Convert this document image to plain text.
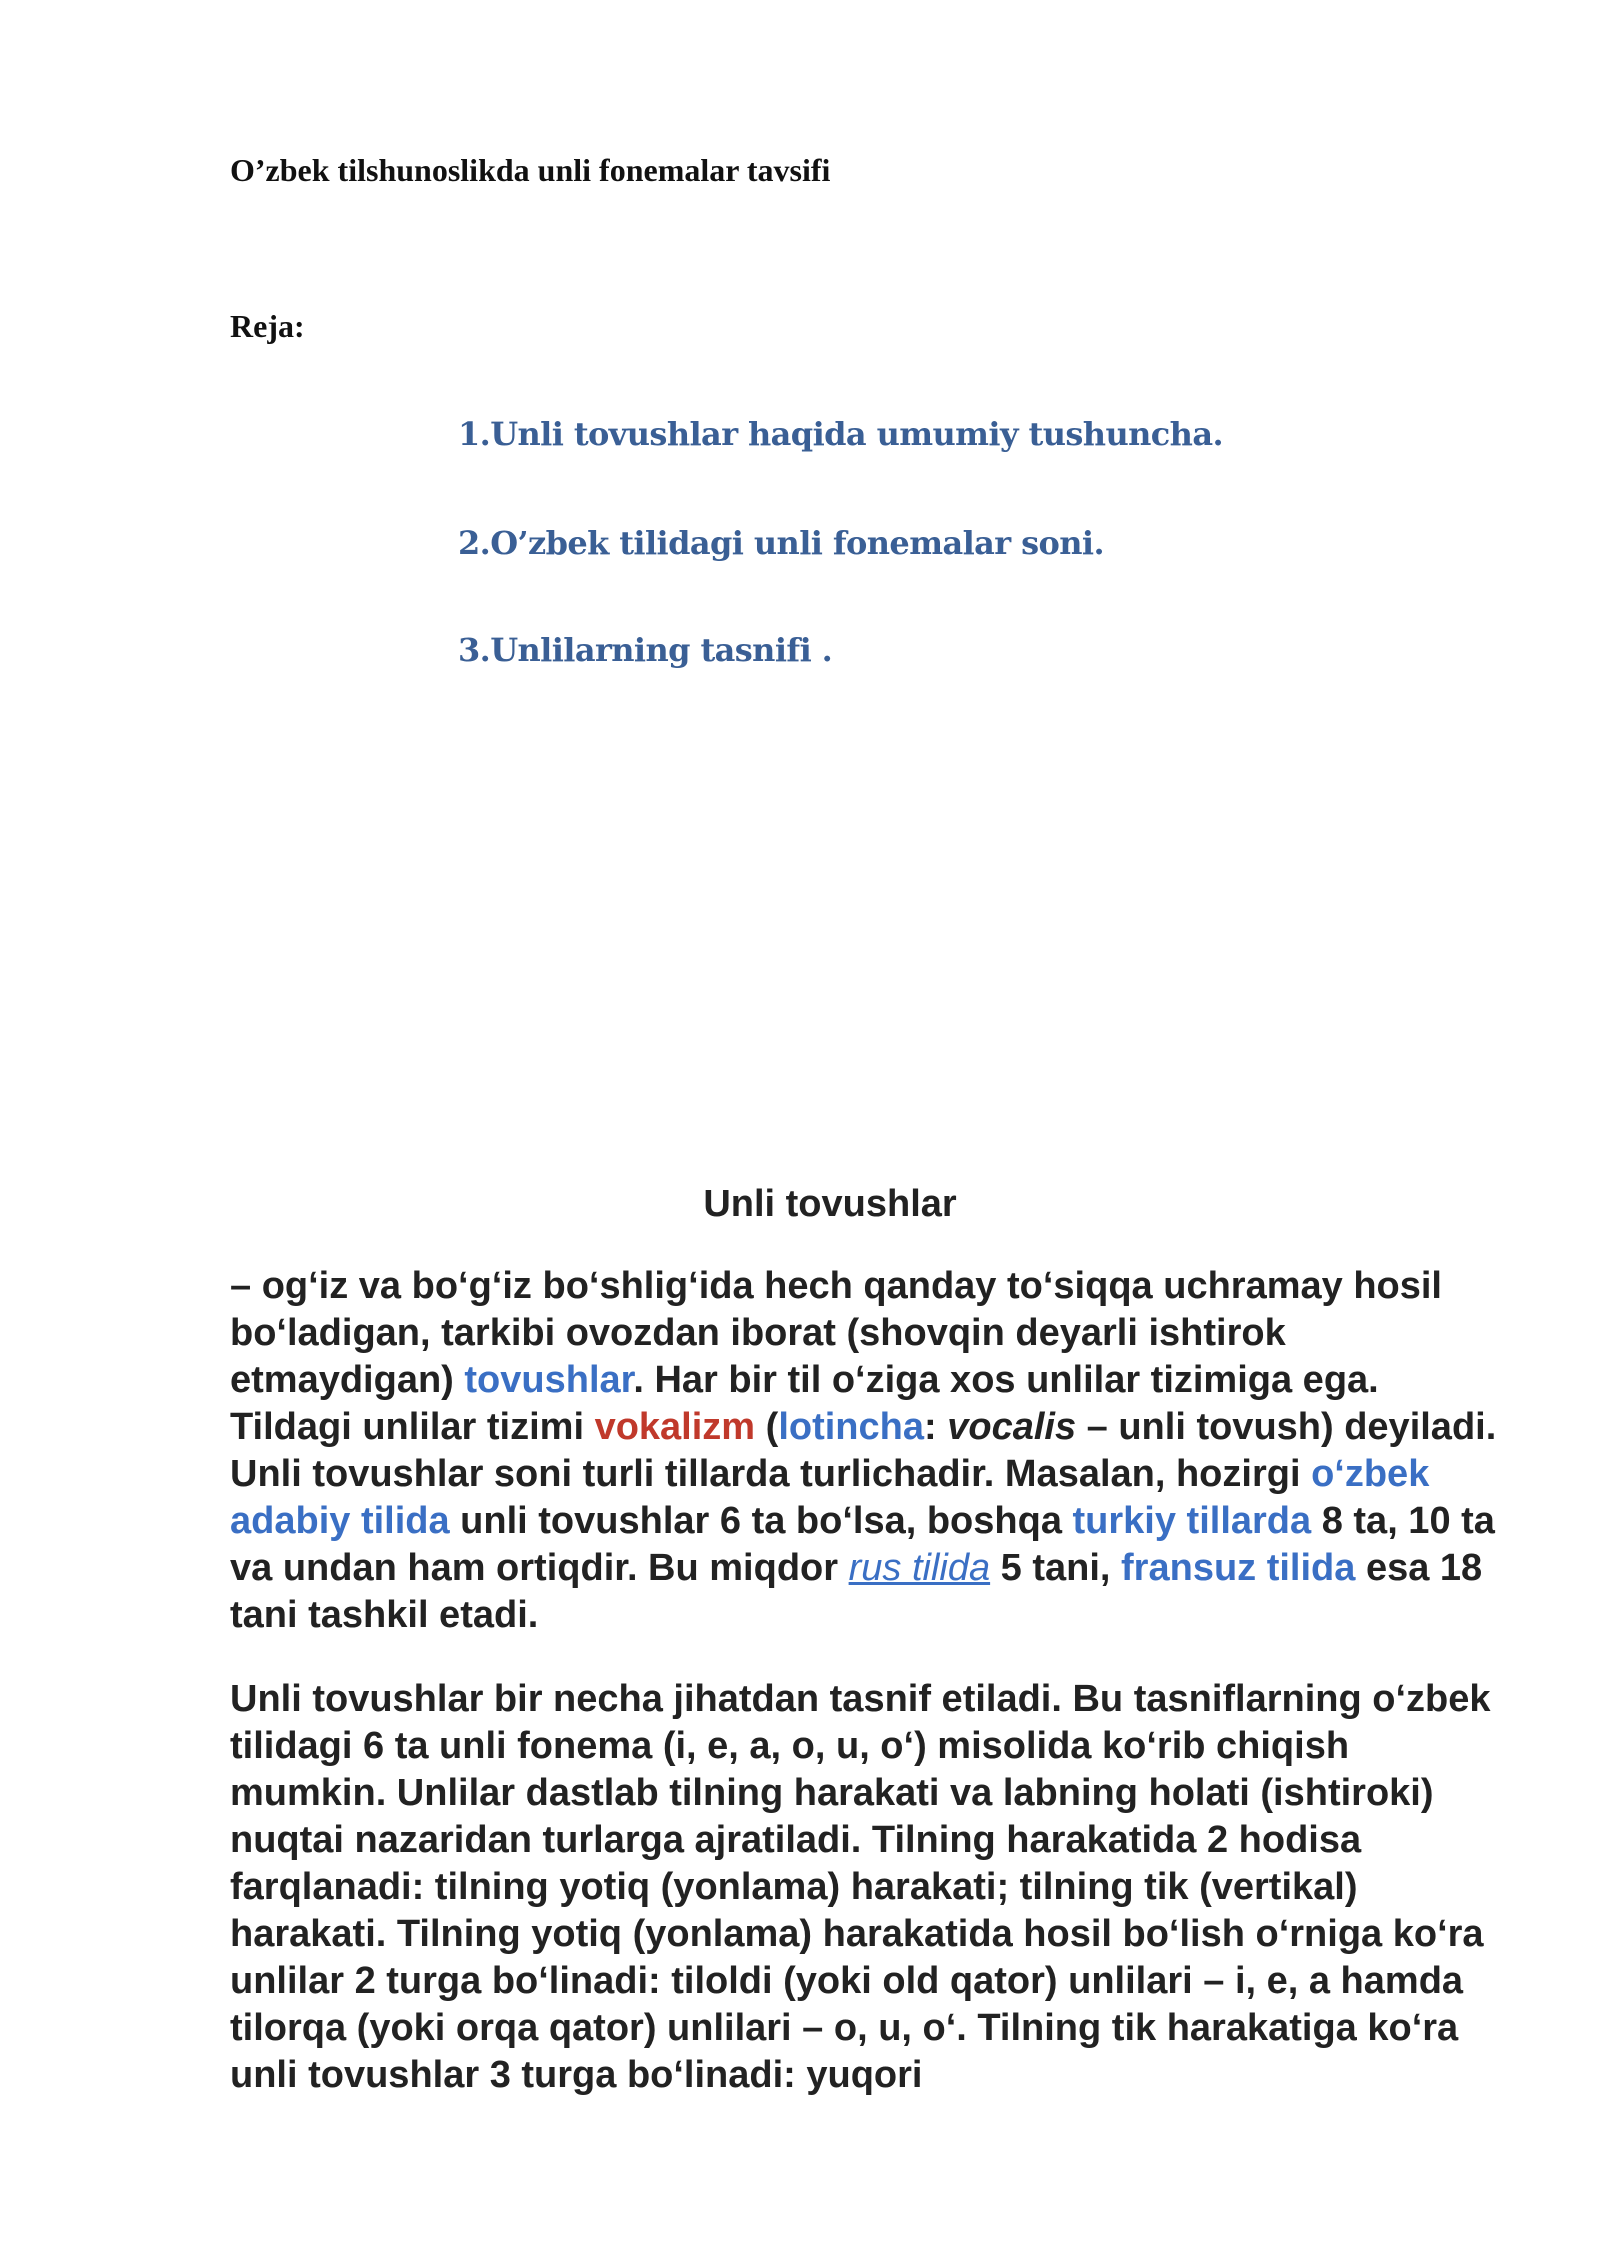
O’zbek tilshunoslikda unli fonemalar tavsifi
Reja:
1.Unli tovushlar haqida umumiy tushuncha.
2.O’zbek tilidagi unli fonemalar soni.
3.Unlilarning tasnifi .
Unli tovushlar

– ogʻiz va boʻgʻiz boʻshligʻida hech qanday toʻsiqqa uchramay hosil boʻladigan, tarkibi ovozdan iborat (shovqin deyarli ishtirok etmaydigan) tovushlar. Har bir til oʻziga xos unlilar tizimiga ega. Tildagi unlilar tizimi vokalizm (lotincha: vocalis – unli tovush) deyiladi. Unli tovushlar soni turli tillarda turlichadir. Masalan, hozirgi oʻzbek adabiy tilida unli tovushlar 6 ta boʻlsa, boshqa turkiy tillarda 8 ta, 10 ta va undan ham ortiqdir. Bu miqdor rus tilida 5 tani, fransuz tilida esa 18 tani tashkil etadi.

Unli tovushlar bir necha jihatdan tasnif etiladi. Bu tasniflarning oʻzbek tilidagi 6 ta unli fonema (i, e, a, o, u, oʻ) misolida koʻrib chiqish mumkin. Unlilar dastlab tilning harakati va labning holati (ishtiroki) nuqtai nazaridan turlarga ajratiladi. Tilning harakatida 2 hodisa farqlanadi: tilning yotiq (yonlama) harakati; tilning tik (vertikal) harakati. Tilning yotiq (yonlama) harakatida hosil boʻlish oʻrniga koʻra unlilar 2 turga boʻlinadi: tiloldi (yoki old qator) unlilari – i, e, a hamda tilorqa (yoki orqa qator) unlilari – o, u, oʻ. Tilning tik harakatiga koʻra unli tovushlar 3 turga boʻlinadi: yuqori
